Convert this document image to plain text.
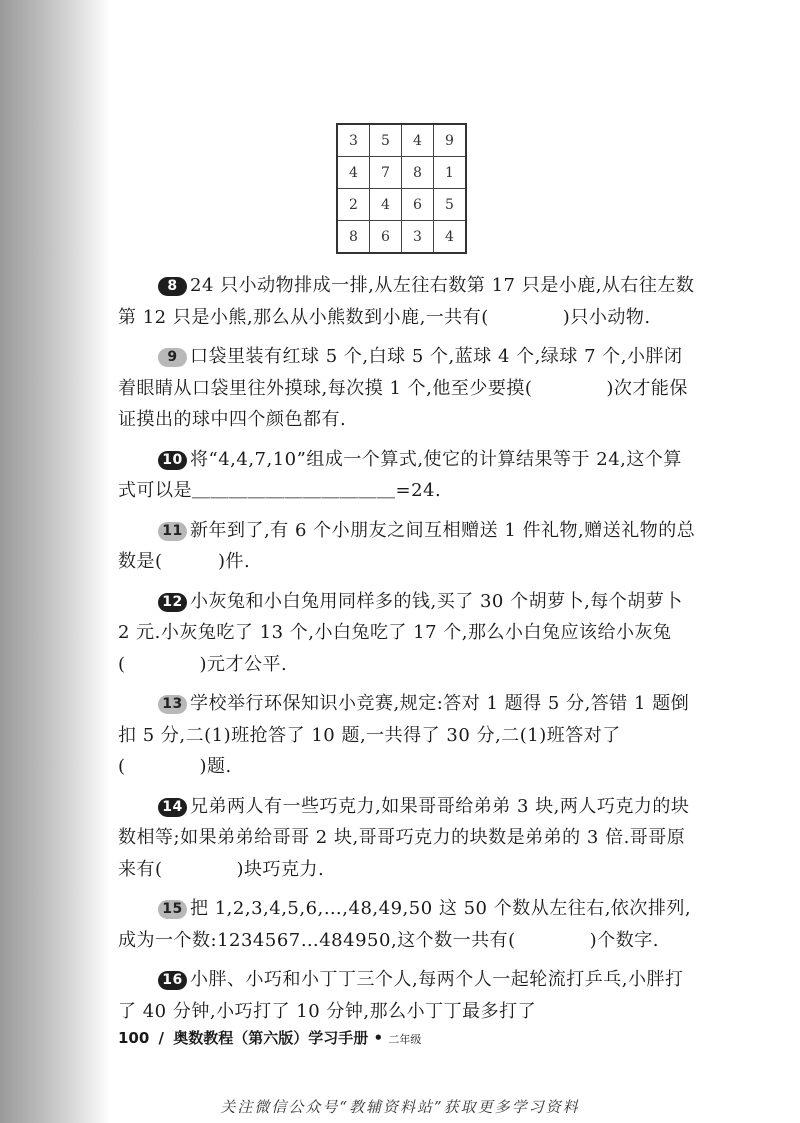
3	5	4	9
4	7	8	1
2	4	6	5
8	6	3	4

8 24 只小动物排成一排,从左往右数第 17 只是小鹿,从右往左数第 12 只是小熊,那么从小熊数到小鹿,一共有(　　　　)只小动物.

9 口袋里装有红球 5 个,白球 5 个,蓝球 4 个,绿球 7 个,小胖闭着眼睛从口袋里往外摸球,每次摸 1 个,他至少要摸(　　　　)次才能保证摸出的球中四个颜色都有.

10 将“4,4,7,10”组成一个算式,使它的计算结果等于 24,这个算式可以是＿＿＿＿＿＿＿＿＿＿＿=24.

11 新年到了,有 6 个小朋友之间互相赠送 1 件礼物,赠送礼物的总数是(　　　)件.

12 小灰兔和小白兔用同样多的钱,买了 30 个胡萝卜,每个胡萝卜 2 元.小灰兔吃了 13 个,小白兔吃了 17 个,那么小白兔应该给小灰兔(　　　　)元才公平.

13 学校举行环保知识小竞赛,规定:答对 1 题得 5 分,答错 1 题倒扣 5 分,二(1)班抢答了 10 题,一共得了 30 分,二(1)班答对了(　　　　)题.

14 兄弟两人有一些巧克力,如果哥哥给弟弟 3 块,两人巧克力的块数相等;如果弟弟给哥哥 2 块,哥哥巧克力的块数是弟弟的 3 倍.哥哥原来有(　　　　)块巧克力.

15 把 1,2,3,4,5,6,…,48,49,50 这 50 个数从左往右,依次排列,成为一个数:1234567…484950,这个数一共有(　　　　)个数字.

16 小胖、小巧和小丁丁三个人,每两个人一起轮流打乒乓,小胖打了 40 分钟,小巧打了 10 分钟,那么小丁丁最多打了

100 / 奥数教程（第六版）学习手册 • 二年级
关注微信公众号“教辅资料站”获取更多学习资料
